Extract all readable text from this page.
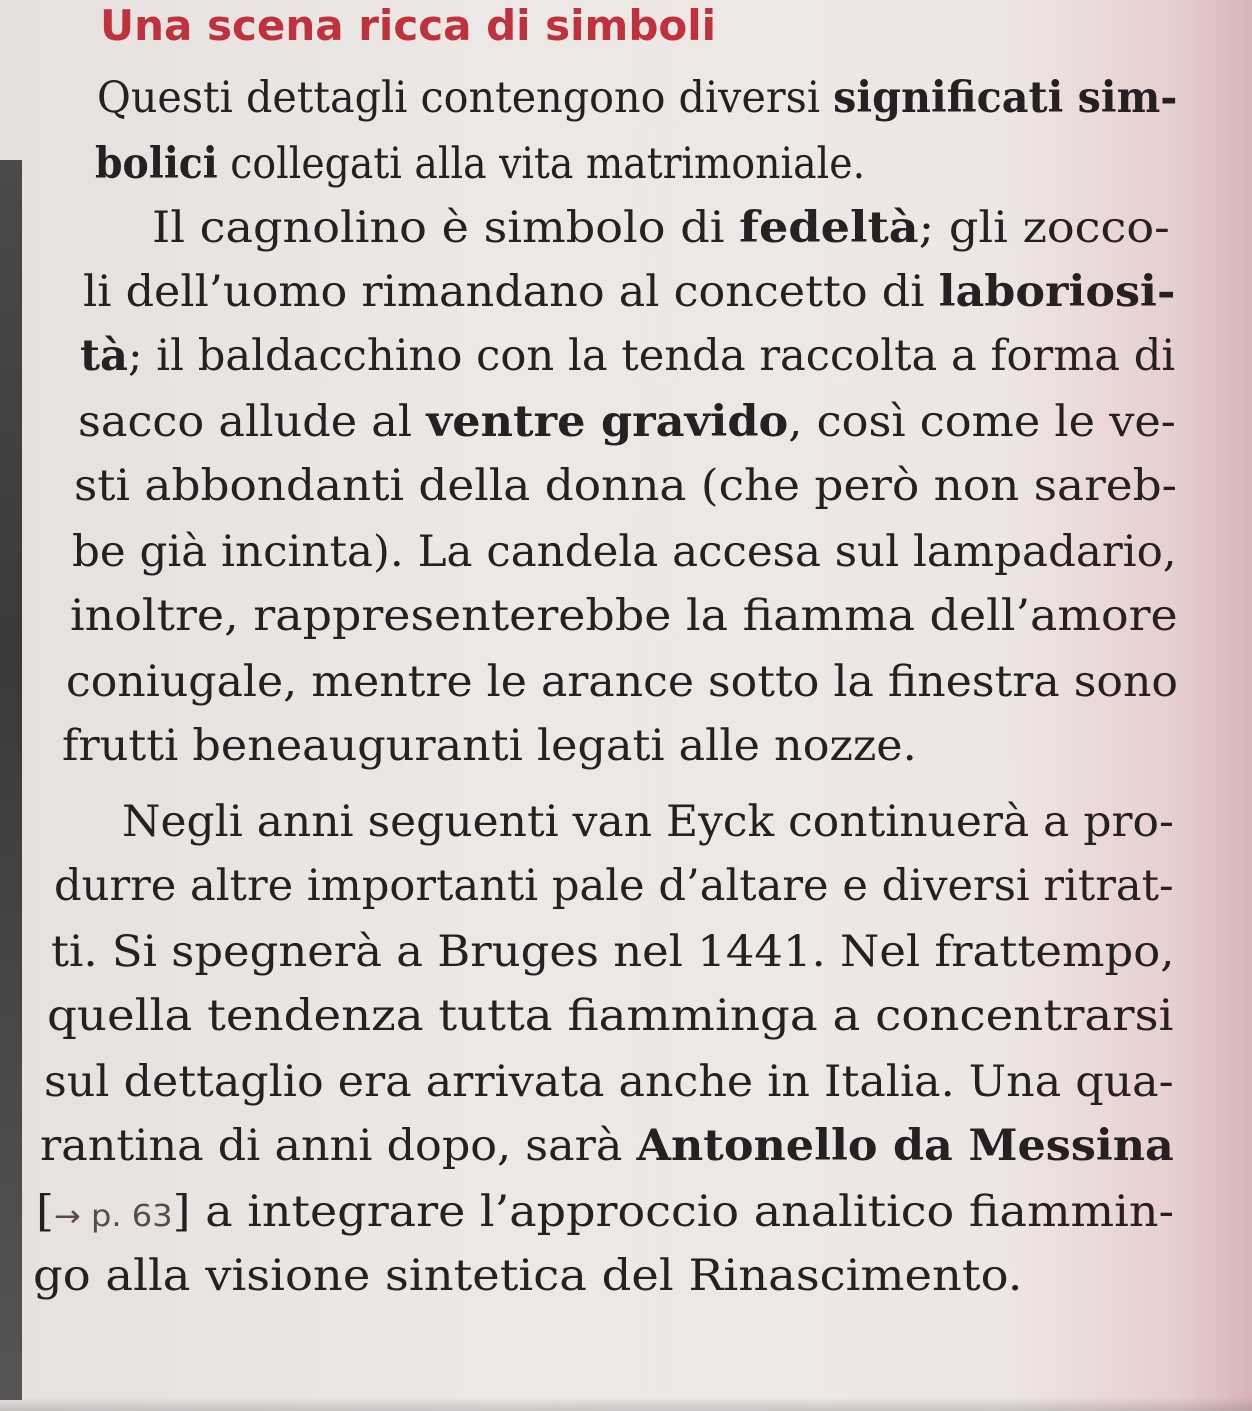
Una scena ricca di simboli
Questi dettagli contengono diversi significati sim-
bolici collegati alla vita matrimoniale.
Il cagnolino è simbolo di fedeltà; gli zocco-
li dell’uomo rimandano al concetto di laboriosi-
tà; il baldacchino con la tenda raccolta a forma di
sacco allude al ventre gravido, così come le ve-
sti abbondanti della donna (che però non sareb-
be già incinta). La candela accesa sul lampadario,
inoltre, rappresenterebbe la fiamma dell’amore
coniugale, mentre le arance sotto la finestra sono
frutti beneauguranti legati alle nozze.
Negli anni seguenti van Eyck continuerà a pro-
durre altre importanti pale d’altare e diversi ritrat-
ti. Si spegnerà a Bruges nel 1441. Nel frattempo,
quella tendenza tutta fiamminga a concentrarsi
sul dettaglio era arrivata anche in Italia. Una qua-
rantina di anni dopo, sarà Antonello da Messina
[→ p. 63] a integrare l’approccio analitico fiammin-
go alla visione sintetica del Rinascimento.
